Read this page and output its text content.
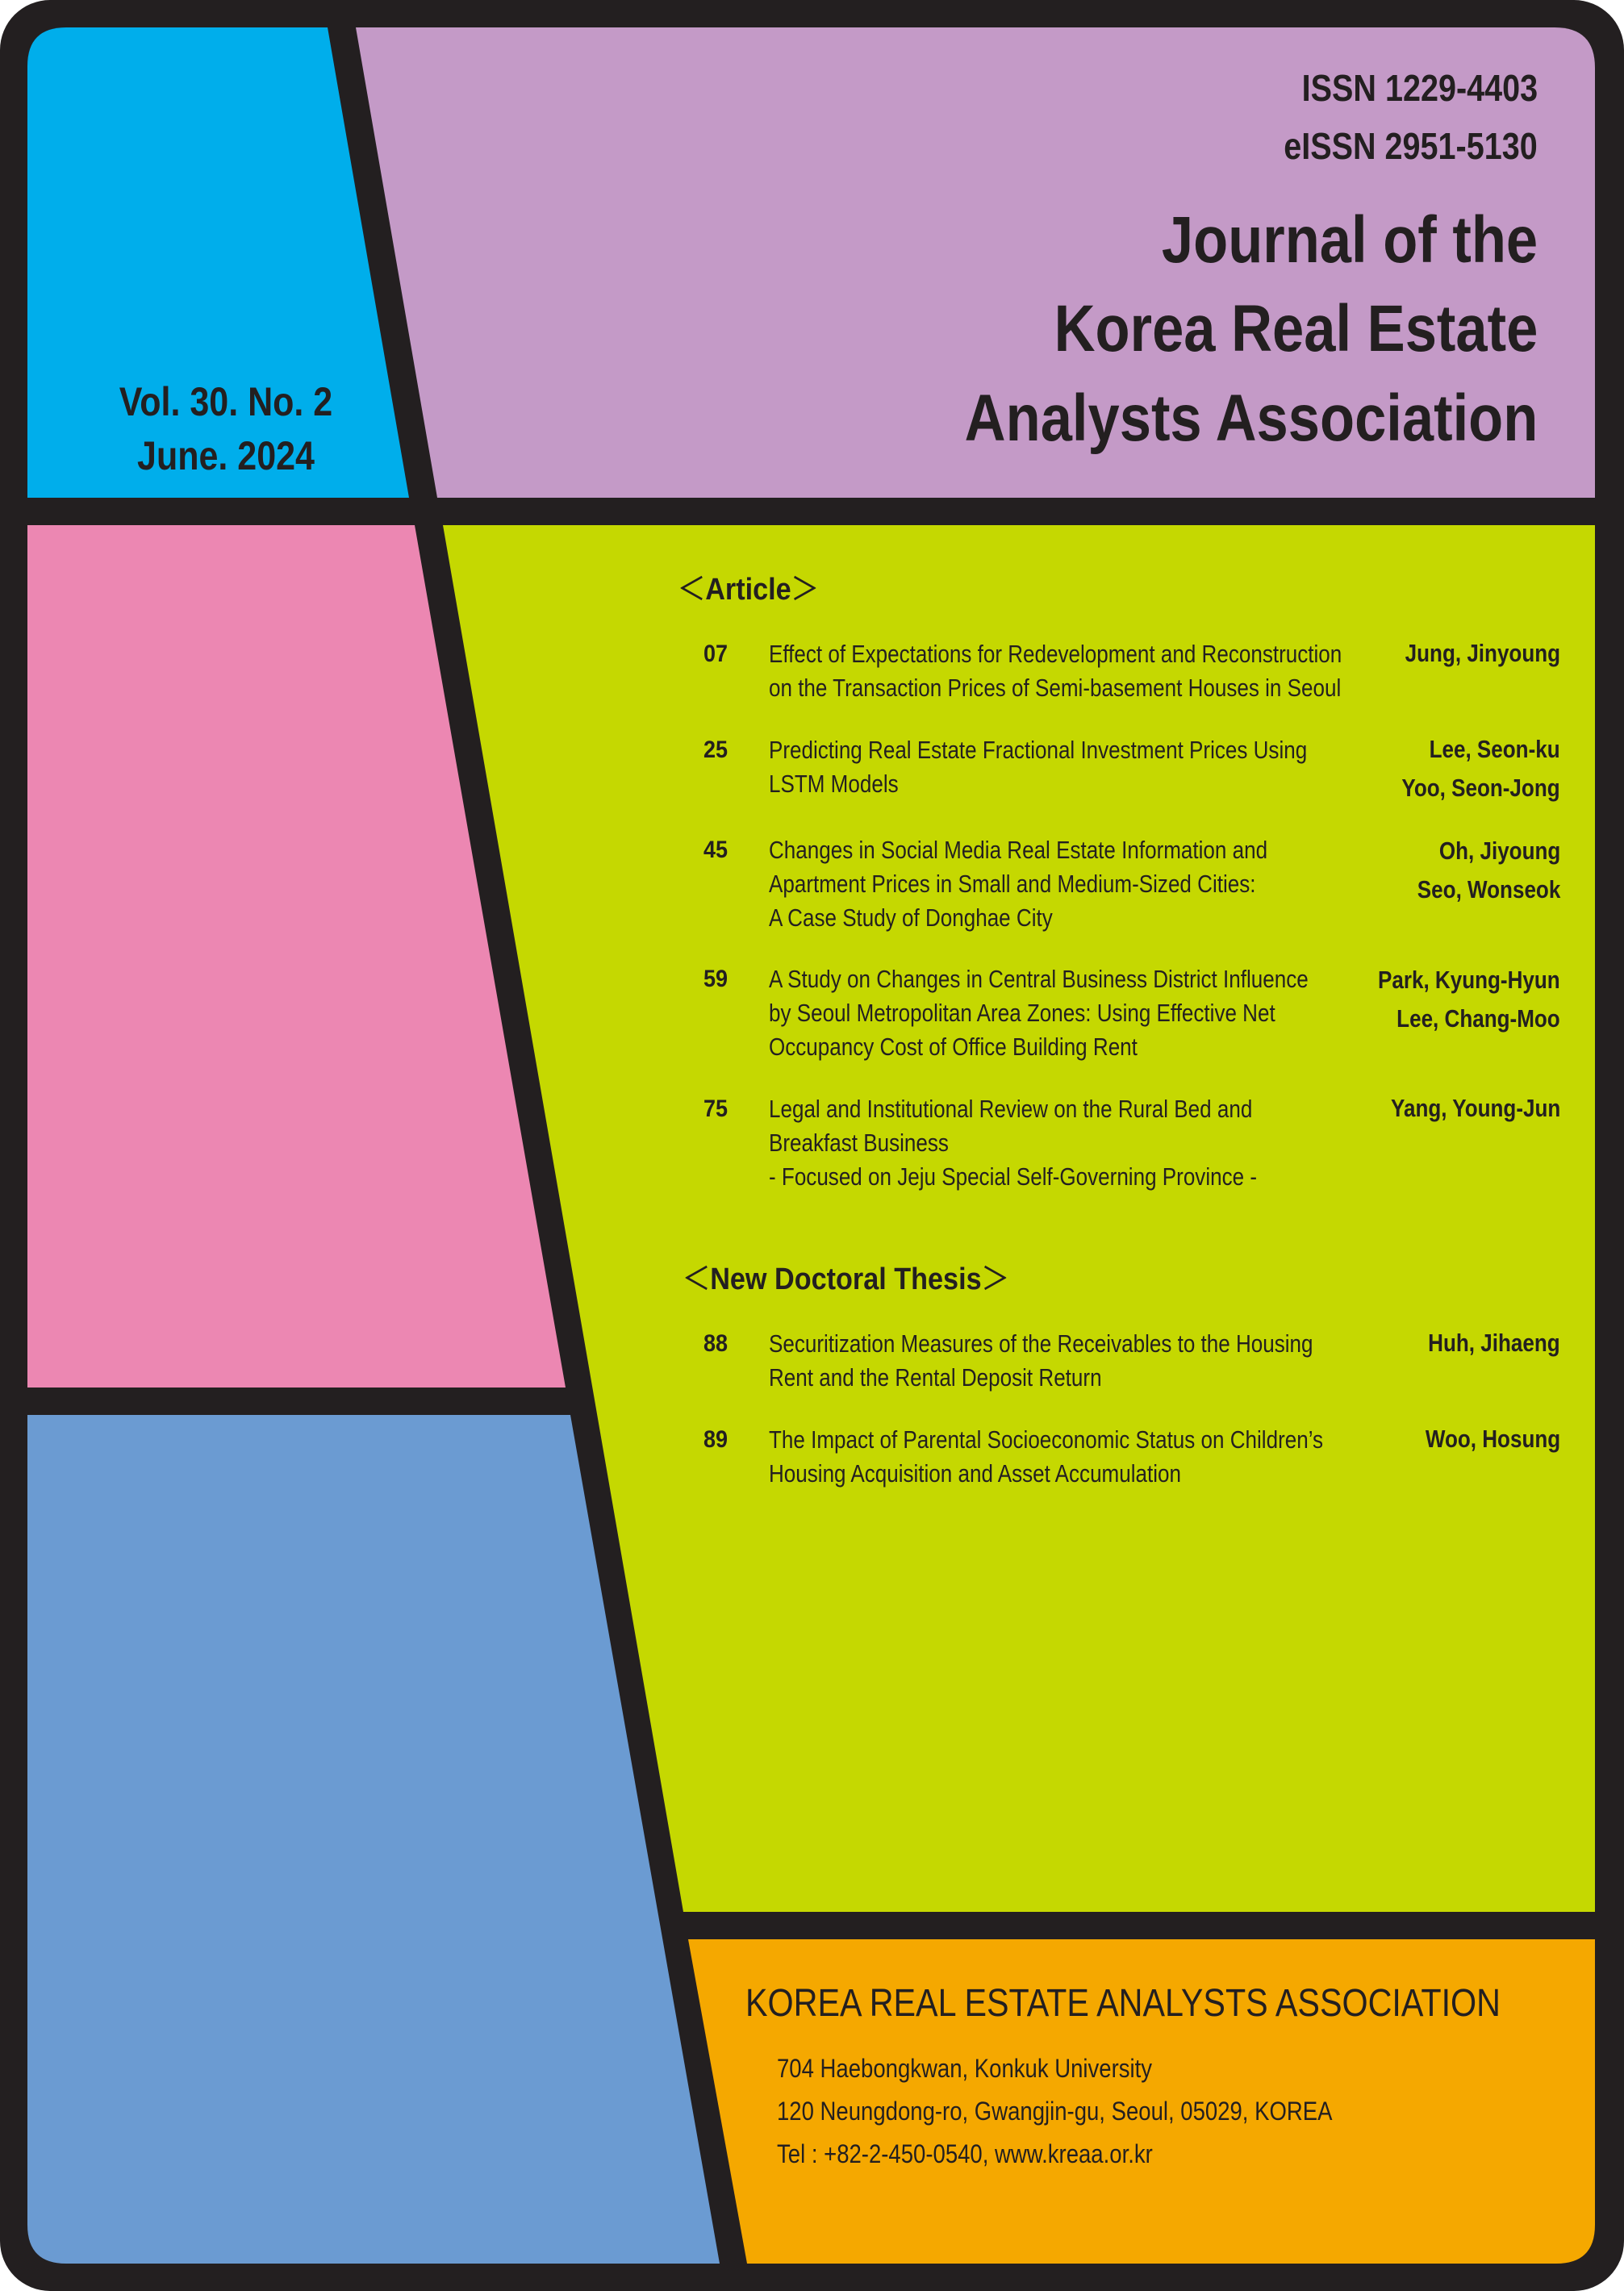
ISSN 1229-4403
eISSN 2951-5130
Journal of the
Korea Real Estate
Analysts Association
Vol. 30. No. 2
June. 2024
＜Article＞
07 Effect of Expectations for Redevelopment and Reconstruction
on the Transaction Prices of Semi-basement Houses in Seoul
Jung, Jinyoung
25 Predicting Real Estate Fractional Investment Prices Using
LSTM Models
Lee, Seon-ku
Yoo, Seon-Jong
45 Changes in Social Media Real Estate Information and
Apartment Prices in Small and Medium-Sized Cities:
A Case Study of Donghae City
Oh, Jiyoung
Seo, Wonseok
59 A Study on Changes in Central Business District Influence
by Seoul Metropolitan Area Zones: Using Effective Net
Occupancy Cost of Office Building Rent
Park, Kyung-Hyun
Lee, Chang-Moo
75 Legal and Institutional Review on the Rural Bed and
Breakfast Business
- Focused on Jeju Special Self-Governing Province -
Yang, Young-Jun
＜New Doctoral Thesis＞
88 Securitization Measures of the Receivables to the Housing
Rent and the Rental Deposit Return
Huh, Jihaeng
89 The Impact of Parental Socioeconomic Status on Children’s
Housing Acquisition and Asset Accumulation
Woo, Hosung
KOREA REAL ESTATE ANALYSTS ASSOCIATION
704 Haebongkwan, Konkuk University
120 Neungdong-ro, Gwangjin-gu, Seoul, 05029, KOREA
Tel : +82-2-450-0540, www.kreaa.or.kr
